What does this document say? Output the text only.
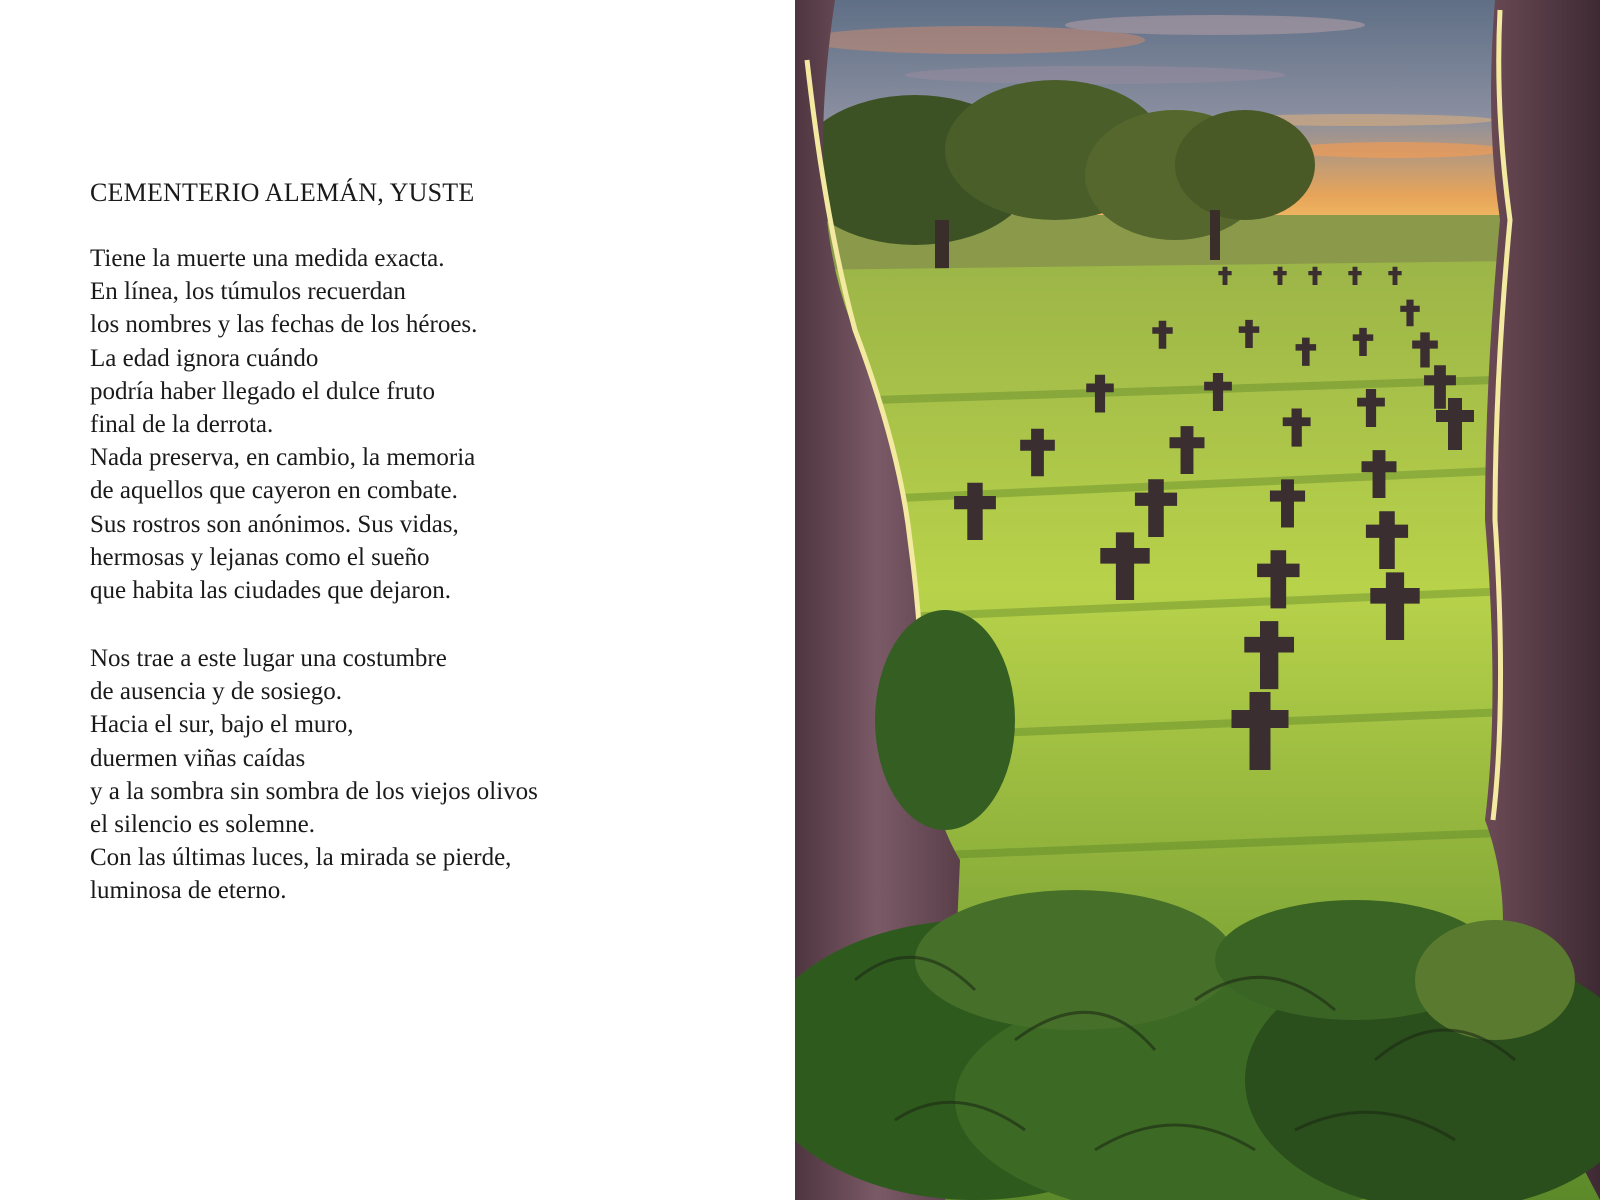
CEMENTERIO ALEMÁN, YUSTE
Tiene la muerte una medida exacta.
En línea, los túmulos recuerdan
los nombres y las fechas de los héroes.
La edad ignora cuándo
podría haber llegado el dulce fruto
final de la derrota.
Nada preserva, en cambio, la memoria
de aquellos que cayeron en combate.
Sus rostros son anónimos. Sus vidas,
hermosas y lejanas como el sueño
que habita las ciudades que dejaron.
Nos trae a este lugar una costumbre
de ausencia y de sosiego.
Hacia el sur, bajo el muro,
duermen viñas caídas
y a la sombra sin sombra de los viejos olivos
el silencio es solemne.
Con las últimas luces, la mirada se pierde,
luminosa de eterno.
